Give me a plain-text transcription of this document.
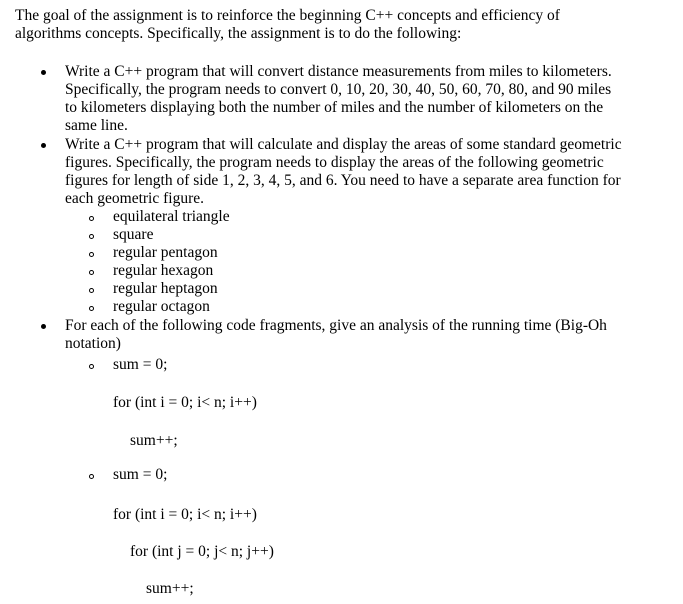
The goal of the assignment is to reinforce the beginning C++ concepts and efficiency of
algorithms concepts. Specifically, the assignment is to do the following:
Write a C++ program that will convert distance measurements from miles to kilometers.
Specifically, the program needs to convert 0, 10, 20, 30, 40, 50, 60, 70, 80, and 90 miles
to kilometers displaying both the number of miles and the number of kilometers on the
same line.
Write a C++ program that will calculate and display the areas of some standard geometric
figures. Specifically, the program needs to display the areas of the following geometric
figures for length of side 1, 2, 3, 4, 5, and 6. You need to have a separate area function for
each geometric figure.
equilateral triangle
square
regular pentagon
regular hexagon
regular heptagon
regular octagon
For each of the following code fragments, give an analysis of the running time (Big-Oh
notation)
sum = 0;
for (int i = 0; i< n; i++)
sum++;
sum = 0;
for (int i = 0; i< n; i++)
for (int j = 0; j< n; j++)
sum++;
